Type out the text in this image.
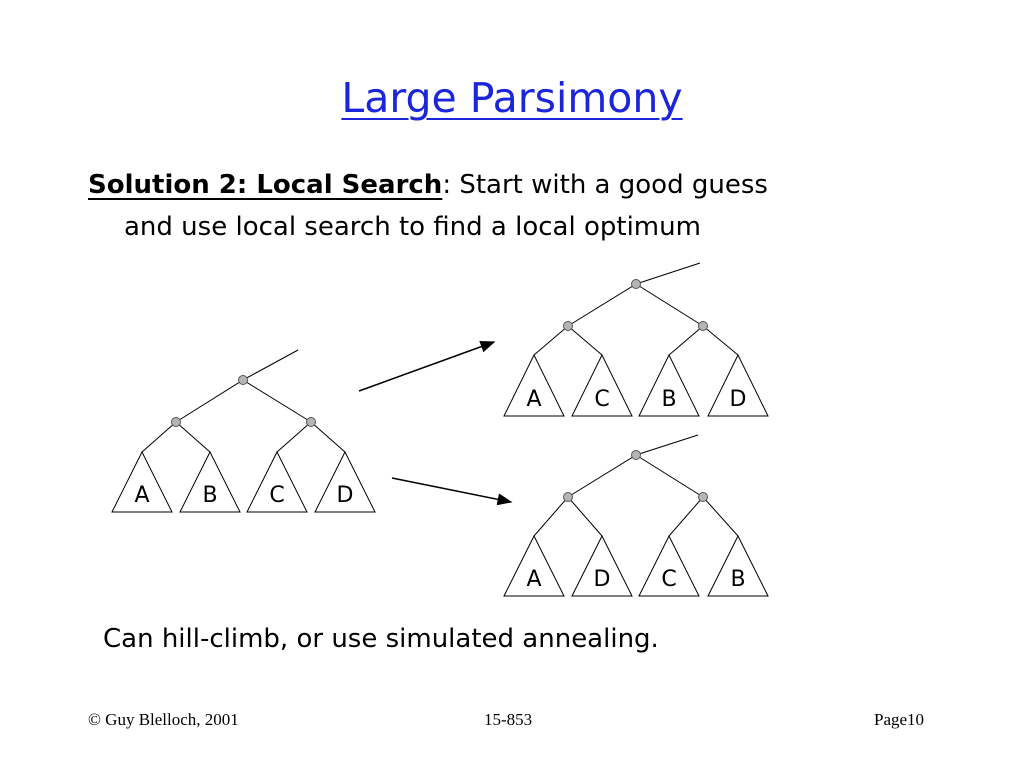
Large Parsimony
Solution 2: Local Search: Start with a good guess
and use local search to find a local optimum
A B C D
A C B D
A D C B
Can hill-climb, or use simulated annealing.
© Guy Blelloch, 2001	15-853	Page10
